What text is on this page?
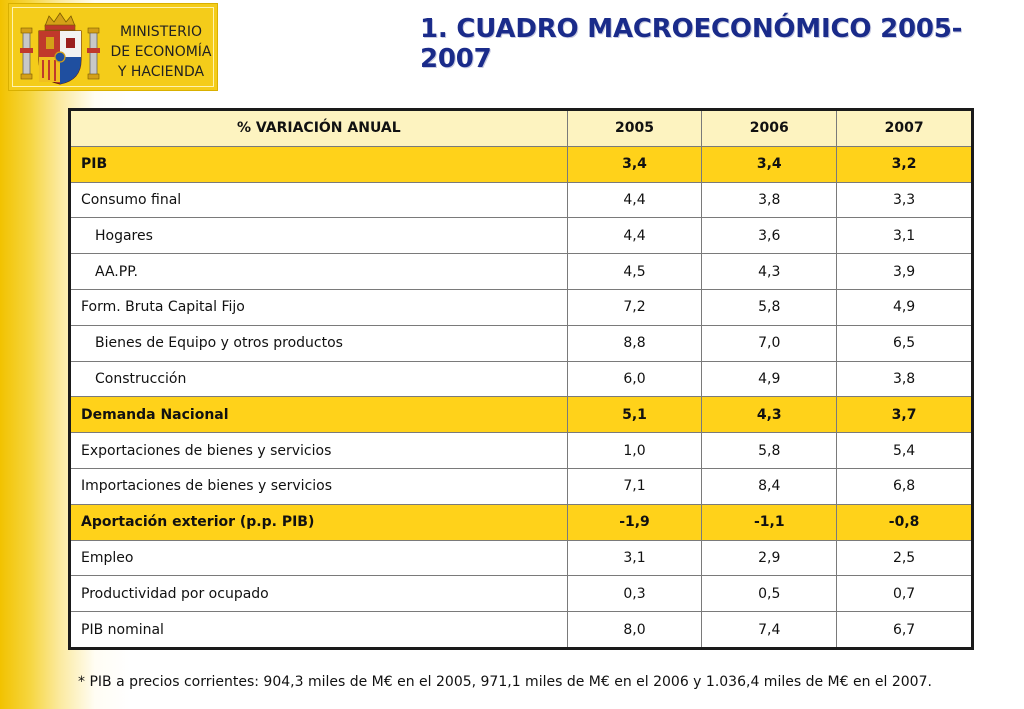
MINISTERIO
DE ECONOMÍA
Y HACIENDA
1. CUADRO MACROECONÓMICO 2005-2007
% VARIACIÓN ANUAL	2005	2006	2007
PIB	3,4	3,4	3,2
Consumo final	4,4	3,8	3,3
Hogares	4,4	3,6	3,1
AA.PP.	4,5	4,3	3,9
Form. Bruta Capital Fijo	7,2	5,8	4,9
Bienes de Equipo y otros productos	8,8	7,0	6,5
Construcción	6,0	4,9	3,8
Demanda Nacional	5,1	4,3	3,7
Exportaciones de bienes y servicios	1,0	5,8	5,4
Importaciones de bienes y servicios	7,1	8,4	6,8
Aportación exterior (p.p. PIB)	-1,9	-1,1	-0,8
Empleo	3,1	2,9	2,5
Productividad por ocupado	0,3	0,5	0,7
PIB nominal	8,0	7,4	6,7
* PIB a precios corrientes: 904,3 miles de M€ en el 2005, 971,1 miles de M€ en el 2006 y 1.036,4 miles de M€ en el 2007.
